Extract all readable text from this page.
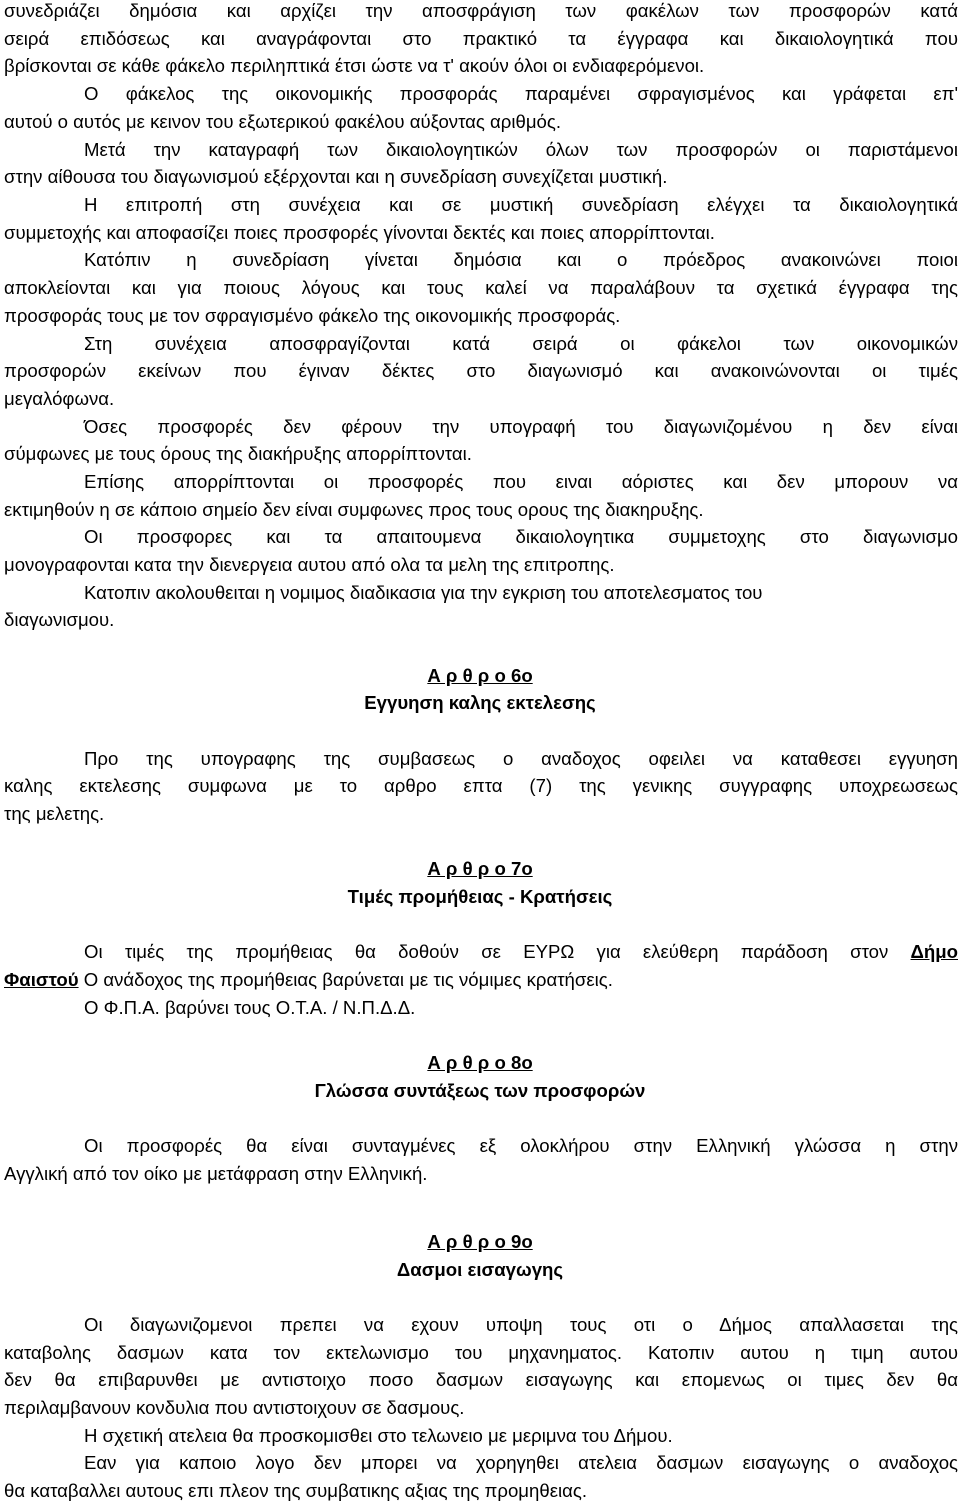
συνεδριάζει δημόσια και αρχίζει την αποσφράγιση των φακέλων των προσφορών κατά
σειρά επιδόσεως και αναγράφονται στο πρακτικό τα έγγραφα και δικαιολογητικά που
βρίσκονται σε κάθε φάκελο περιληπτικά έτσι ώστε να τ' ακούν όλοι οι ενδιαφερόμενοι.
Ο φάκελος της οικονομικής προσφοράς παραμένει σφραγισμένος και γράφεται επ'
αυτού ο αυτός με κεινον του εξωτερικού φακέλου αύξοντας αριθμός.
Μετά την καταγραφή των δικαιολογητικών όλων των προσφορών οι παριστάμενοι
στην αίθουσα του διαγωνισμού εξέρχονται και η συνεδρίαση συνεχίζεται μυστική.
Η επιτροπή στη συνέχεια και σε μυστική συνεδρίαση ελέγχει τα δικαιολογητικά
συμμετοχής και αποφασίζει ποιες προσφορές γίνονται δεκτές και ποιες απορρίπτονται.
Κατόπιν η συνεδρίαση γίνεται δημόσια και ο πρόεδρος ανακοινώνει ποιοι
αποκλείονται και για ποιους λόγους και τους καλεί να παραλάβουν τα σχετικά έγγραφα της
προσφοράς τους με τον σφραγισμένο φάκελο της οικονομικής προσφοράς.
Στη συνέχεια αποσφραγίζονται κατά σειρά οι φάκελοι των οικονομικών
προσφορών εκείνων που έγιναν δέκτες στο διαγωνισμό και ανακοινώνονται οι τιμές
μεγαλόφωνα.
Όσες προσφορές δεν φέρουν την υπογραφή του διαγωνιζομένου η δεν είναι
σύμφωνες με τους όρους της διακήρυξης απορρίπτονται.
Επίσης απορρίπτονται οι προσφορές που ειναι αόριστες και δεν μπορουν να
εκτιμηθούν η σε κάποιο σημείο δεν είναι συμφωνες προς τους ορους της διακηρυξης.
Οι προσφορες και τα απαιτουμενα δικαιολογητικα συμμετοχης στο διαγωνισμο
μονογραφονται κατα την διενεργεια αυτου από ολα τα μελη της επιτροπης.
Κατοπιν ακολουθειται η νομιμος διαδικασια για την εγκριση του αποτελεσματος του
διαγωνισμου.
Α ρ θ ρ ο 6ο
Εγγυηση καλης εκτελεσης
Προ της υπογραφης της συμβασεως ο αναδοχος οφειλει να καταθεσει εγγυηση
καλης εκτελεσης συμφωνα με το αρθρο επτα (7) της γενικης συγγραφης υποχρεωσεως
της μελετης.
Α ρ θ ρ ο 7ο
Τιμές προμήθειας - Κρατήσεις
Οι τιμές της προμήθειας θα δοθούν σε ΕΥΡΩ για ελεύθερη παράδοση στον Δήμο
Φαιστού Ο ανάδοχος της προμήθειας βαρύνεται με τις νόμιμες κρατήσεις.
Ο Φ.Π.Α. βαρύνει τους Ο.Τ.Α. / Ν.Π.Δ.Δ.
Α ρ θ ρ ο 8ο
Γλώσσα συντάξεως των προσφορών
Οι προσφορές θα είναι συνταγμένες εξ ολοκλήρου στην Ελληνική γλώσσα η στην
Αγγλική από τον οίκο με μετάφραση στην Ελληνική.
Α ρ θ ρ ο 9ο
Δασμοι εισαγωγης
Οι διαγωνιζομενοι πρεπει να εχουν υποψη τους οτι ο Δήμος απαλλασεται της
καταβολης δασμων κατα τον εκτελωνισμο του μηχανηματος. Κατοπιν αυτου η τιμη αυτου
δεν θα επιβαρυνθει με αντιστοιχο ποσο δασμων εισαγωγης και επομενως οι τιμες δεν θα
περιλαμβανουν κονδυλια που αντιστοιχουν σε δασμους.
Η σχετική ατελεια θα προσκομισθει στο τελωνειο με μεριμνα του Δήμου.
Εαν για καποιο λογο δεν μπορει να χορηγηθει ατελεια δασμων εισαγωγης ο αναδοχος
θα καταβαλλει αυτους επι πλεον της συμβατικης αξιας της προμηθειας.
